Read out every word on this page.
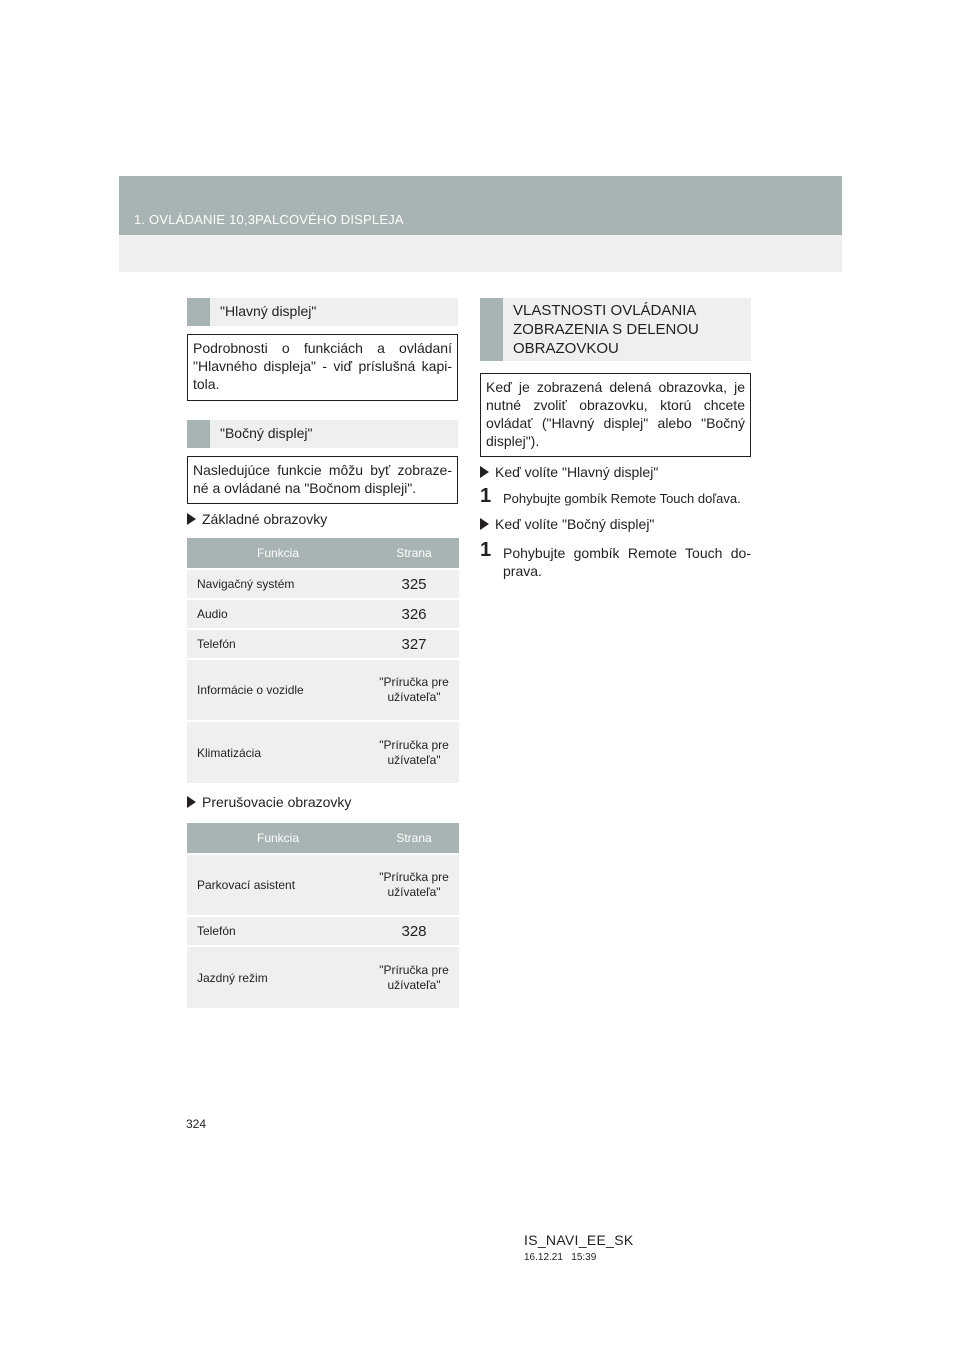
1. OVLÁDANIE 10,3PALCOVÉHO DISPLEJA
"Hlavný displej"
Podrobnosti o funkciách a ovládaní "Hlavného displeja" - viď príslušná kapi-tola.
"Bočný displej"
Nasledujúce funkcie môžu byť zobraze-né a ovládané na "Bočnom displeji".
Základné obrazovky
Funkcia	Strana
Navigačný systém	325
Audio	326
Telefón	327
Informácie o vozidle	"Príručka pre užívateľa"
Klimatizácia	"Príručka pre užívateľa"
Prerušovacie obrazovky
Funkcia	Strana
Parkovací asistent	"Príručka pre užívateľa"
Telefón	328
Jazdný režim	"Príručka pre užívateľa"
VLASTNOSTI OVLÁDANIA ZOBRAZENIA S DELENOU OBRAZOVKOU
Keď je zobrazená delená obrazovka, je nutné zvoliť obrazovku, ktorú chcete ovládať ("Hlavný displej" alebo "Bočný displej").
Keď volíte "Hlavný displej"
1 Pohybujte gombík Remote Touch doľava.
Keď volíte "Bočný displej"
1 Pohybujte gombík Remote Touch do-prava.
324
IS_NAVI_EE_SK
16.12.21   15:39
